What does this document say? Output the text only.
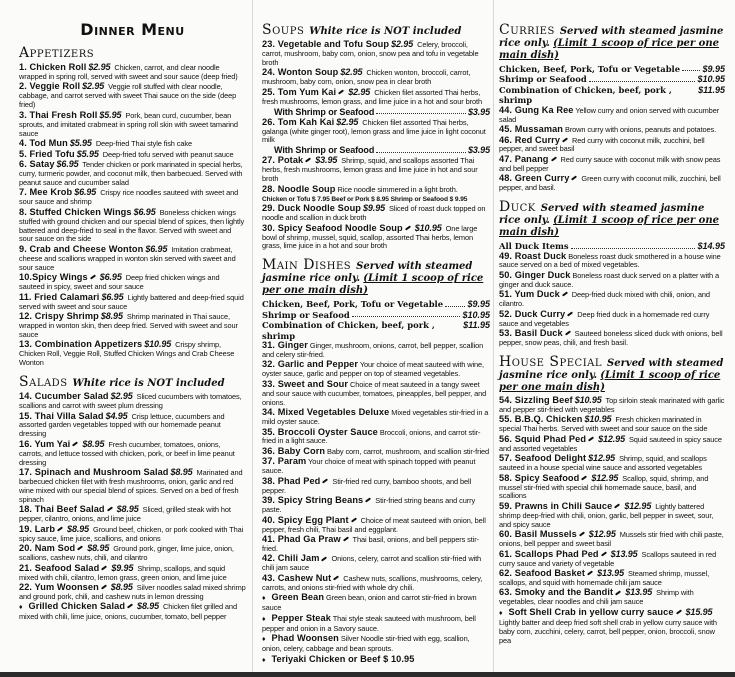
Dinner Menu
Appetizers
1. Chicken Roll $2.95 Chicken, carrot, and clear noodle wrapped in spring roll, served with sweet and sour sauce (deep fried)
2. Veggie Roll $2.95 Veggie roll stuffed with clear noodle, cabbage, and carrot served with sweet Thai sauce on the side (deep fried)
3. Thai Fresh Roll $5.95 Pork, bean curd, cucumber, bean sprouts, and imitated crabmeat in spring roll skin with sweet tamarind sauce
4. Tod Mun $5.95 Deep-fried Thai style fish cake
5. Fried Tofu $5.95 Deep-fried tofu served with peanut sauce
6. Satay $6.95 Tender chicken or pork marinated in special herbs, curry, turmeric powder, and coconut milk, then barbecued. Served with peanut sauce and cucumber salad
7. Mee Krob $6.95 Crispy rice noodles sauteed with sweet and sour sauce and shrimp
8. Stuffed Chicken Wings $6.95 Boneless chicken wings stuffed with ground chicken and our special blend of spices, then lightly battered and deep-fried to seal in the flavor. Served with sweet and sour sauce on the side
9. Crab and Cheese Wonton $6.95 Imitation crabmeat, cheese and scallions wrapped in wonton skin served with sweet and sour sauce
10.Spicy Wings $6.95 Deep fried chicken wings and sauteed in spicy, sweet and sour sauce
11. Fried Calamari $6.95 Lightly battered and deep-fried squid served with sweet and sour sauce
12. Crispy Shrimp $8.95 Shrimp marinated in Thai sauce, wrapped in wonton skin, then deep fried. Served with sweet and sour sauce
13. Combination Appetizers $10.95 Crispy shrimp, Chicken Roll, Veggie Roll, Stuffed Chicken Wings and Crab Cheese Wonton
Salads White rice is NOT included
14. Cucumber Salad $2.95 Sliced cucumbers with tomatoes, scallions and carrot with sweet plum dressing
15. Thai Villa Salad $4.95 Crisp lettuce, cucumbers and assorted garden vegetables topped with our homemade peanut dressing
16. Yum Yai $8.95 Fresh cucumber, tomatoes, onions, carrots, and lettuce tossed with chicken, pork, or beef in lime peanut dressing
17. Spinach and Mushroom Salad $8.95 Marinated and barbecued chicken filet with fresh mushrooms, onion, garlic and red wine mixed with our special blend of spices. Served on a bed of fresh spinach
18. Thai Beef Salad $8.95 Sliced, grilled steak with hot pepper, cilantro, onions, and lime juice
19. Larb $8.95 Ground beef, chicken, or pork cooked with Thai spicy sauce, lime juice, scallions, and onions
20. Nam Sod $8.95 Ground pork, ginger, lime juice, onion, scallions, cashew nuts, chili, and cilantro
21. Seafood Salad $9.95 Shrimp, scallops, and squid mixed with chili, cilantro, lemon grass, green onion, and lime juice
22. Yum Woonsen $8.95 Silver noodles salad mixed shrimp and ground pork, chili, and cashew nuts in lemon dressing
♦ Grilled Chicken Salad $8.95 Chicken filet grilled and mixed with chili, lime juice, onions, cucumber, tomato, bell pepper
Soups White rice is NOT included
23. Vegetable and Tofu Soup $2.95 Celery, broccoli, carrot, mushroom, baby corn, onion, snow pea and tofu in vegetable broth
24. Wonton Soup $2.95 Chicken wonton, broccoli, carrot, mushroom, baby corn, onion, snow pea in clear broth
25. Tom Yum Kai $2.95 Chicken filet assorted Thai herbs, fresh mushrooms, lemon grass, and lime juice in a hot and sour broth
With Shrimp or Seafood	$3.95
26. Tom Kah Kai $2.95 Chicken filet assorted Thai herbs, galanga (white ginger root), lemon grass and lime juice in light coconut milk
With Shrimp or Seafood	$3.95
27. Potak $3.95 Shrimp, squid, and scallops assorted Thai herbs, fresh mushrooms, lemon grass and lime juice in hot and sour broth
28. Noodle Soup Rice noodle simmered in a light broth.
Chicken or Tofu $ 7.95 Beef or Pork $ 8.95 Shrimp or Seafood $ 9.95
29. Duck Noodle Soup $9.95 Sliced of roast duck topped on noodle and scallion in duck broth
30. Spicy Seafood Noodle Soup $10.95 One large bowl of shrimp, mussel, squid, scallop, assorted Thai herbs, lemon grass, lime juice in a hot and sour broth
Main Dishes Served with steamed jasmine rice only. (Limit 1 scoop of rice per one main dish)
Chicken, Beef, Pork, Tofu or Vegetable	$9.95
Shrimp or Seafood	$10.95
Combination of Chicken, beef, pork , shrimp
$11.95
31. Ginger Ginger, mushroom, onions, carrot, bell pepper, scallion and celery stir-fried.
32. Garlic and Pepper Your choice of meat sauteed with wine, oyster sauce, garlic and pepper on top of steamed vegetables.
33. Sweet and Sour Choice of meat sauteed in a tangy sweet and sour sauce with cucumber, tomatoes, pineapples, bell pepper, and onions.
34. Mixed Vegetables Deluxe Mixed vegetables stir-fried in a mild oyster sauce.
35. Broccoli Oyster Sauce Broccoli, onions, and carrot stir-fried in a light sauce.
36. Baby Corn Baby corn, carrot, mushroom, and scallion stir-fried
37. Param Your choice of meat with spinach topped with peanut sauce.
38. Phad Ped Stir-fried red curry, bamboo shoots, and bell pepper.
39. Spicy String Beans Stir-fried string beans and curry paste.
40. Spicy Egg Plant Choice of meat sauteed with onion, bell pepper, fresh chili, Thai basil and eggplant.
41. Phad Ga Praw Thai basil, onions, and bell peppers stir-fried.
42. Chili Jam Onions, celery, carrot and scallion stir-fried with chili jam sauce
43. Cashew Nut Cashew nuts, scallions, mushrooms, celery, carrots, and onions stir-fried with whole dry chili.
♦ Green Bean Green bean, onion and carrot stir-fried in brown sauce
♦ Pepper Steak Thai style steak sauteed with mushroom, bell pepper and onion in a Savory sauce.
♦ Phad Woonsen Silver Noodle stir-fried with egg, scallion, onion, celery, cabbage and bean sprouts.
♦ Teriyaki Chicken or Beef $ 10.95
Curries Served with steamed jasmine rice only. (Limit 1 scoop of rice per one main dish)
Chicken, Beef, Pork, Tofu or Vegetable $9.95
Shrimp or Seafood	$10.95
Combination of Chicken, beef, pork , shrimp
$11.95
44. Gung Ka Ree Yellow curry and onion served with cucumber salad
45. Mussaman Brown curry with onions, peanuts and potatoes.
46. Red Curry Red curry with coconut milk, zucchini, bell pepper, and sweet basil
47. Panang Red curry sauce with coconut milk with snow peas and bell pepper
48. Green Curry Green curry with coconut milk, zucchini, bell pepper, and basil.
Duck Served with steamed jasmine rice only. (Limit 1 scoop of rice per one main dish)
All Duck Items	$14.95
49. Roast Duck Boneless roast duck smothered in a house wine sauce served on a bed of mixed vegetables.
50. Ginger Duck Boneless roast duck served on a platter with a ginger and duck sauce.
51. Yum Duck Deep-fried duck mixed with chili, onion, and cilantro.
52. Duck Curry Deep fried duck in a homemade red curry sauce and vegetables
53. Basil Duck Sauteed boneless sliced duck with onions, bell pepper, snow peas, chili, and fresh basil.
House Special Served with steamed jasmine rice only. (Limit 1 scoop of rice per one main dish)
54. Sizzling Beef $10.95 Top sirloin steak marinated with garlic and pepper stir-fried with vegetables
55. B.B.Q. Chicken $10.95 Fresh chicken marinated in special Thai herbs. Served with sweet and sour sauce on the side
56. Squid Phad Ped $12.95 Squid sauteed in spicy sauce and assorted vegetables
57. Seafood Delight $12.95 Shrimp, squid, and scallops sauteed in a house special wine sauce and assorted vegetables
58. Spicy Seafood $12.95 Scallop, squid, shrimp, and mussel stir-fried with special chili homemade sauce, basil, and scallions
59. Prawns in Chili Sauce $12.95 Lightly battered shrimp deep-fried with chili, onion, garlic, bell pepper in sweet, sour, and spicy sauce
60. Basil Mussels $12.95 Mussels stir fried with chili paste, onions, bell pepper and sweet basil
61. Scallops Phad Ped $13.95 Scallops sauteed in red curry sauce and variety of vegetable
62. Seafood Basket $13.95 Steamed shrimp, mussel, scallops, and squid with homemade chili jam sauce
63. Smoky and the Bandit $13.95 Shrimp with vegetables, clear noodles and chili jam sauce
♦ Soft Shell Crab in yellow curry sauce $15.95 Lightly batter and deep fried soft shell crab in yellow curry sauce with baby corn, zucchini, celery, carrot, bell pepper, onion, broccoli, snow pea
